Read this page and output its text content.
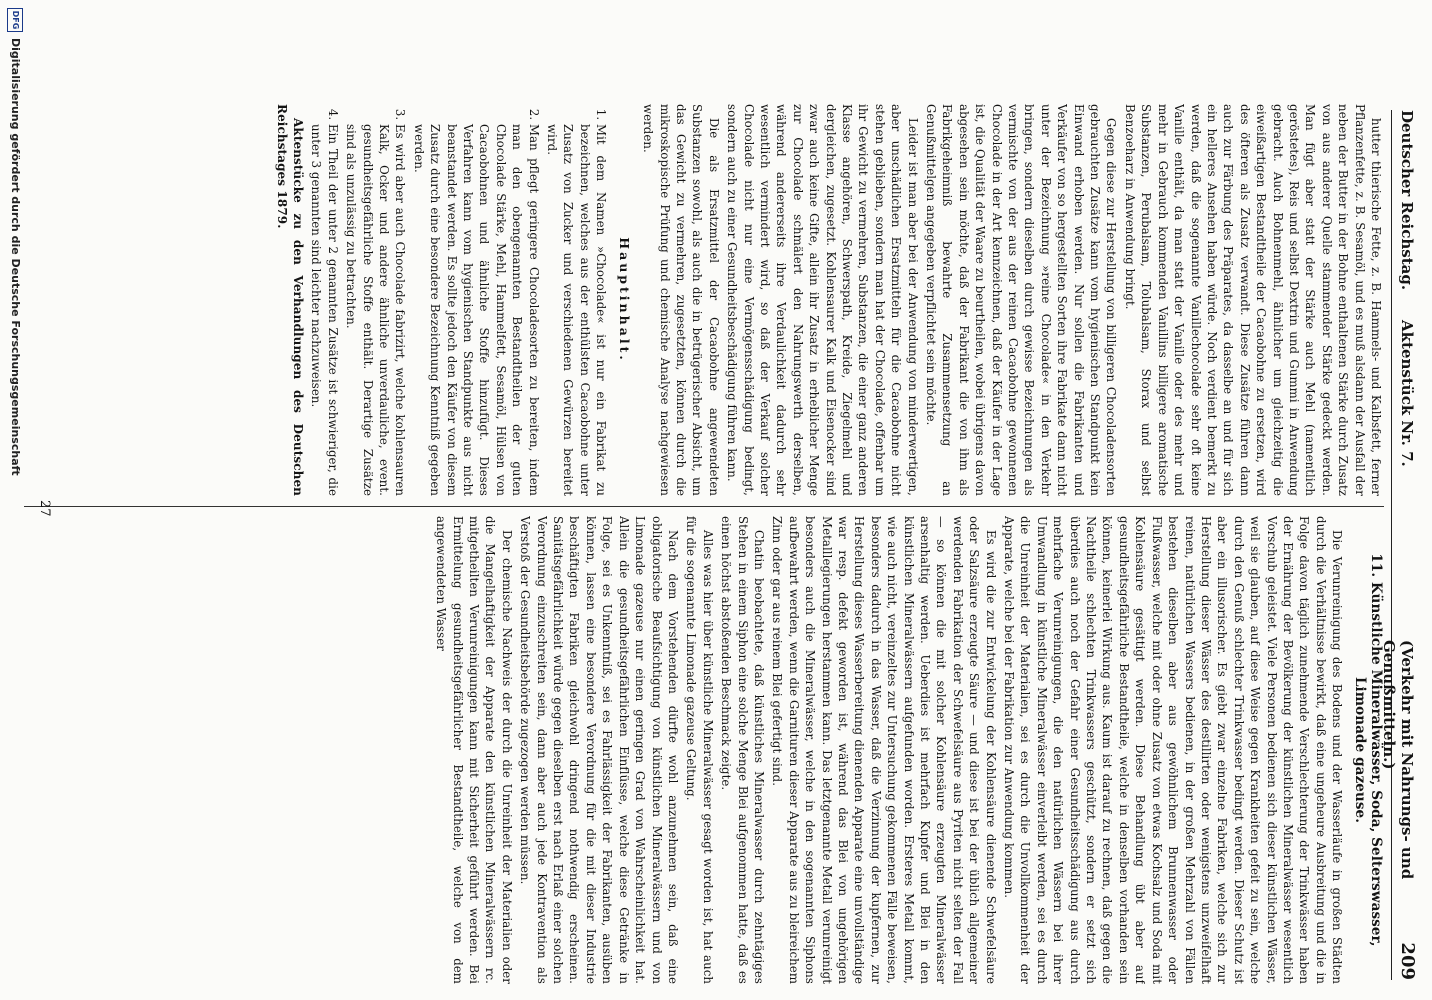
Deutscher Reichstag.
Aktenstück Nr. 7.
(Verkehr mit Nahrungs- und Genußmitteln.)
209

hutter thierische Fette, z. B. Hammels- und Kalbsfett, ferner Pflanzenfette, z. B. Sesamöl, und es muß alsdann der Ausfall der neben der Butter in der Bohne enthaltenen Stärke durch Zusatz von aus anderer Quelle stammender Stärke gedeckt werden. Man fügt aber statt der Stärke auch Mehl (namentlich geröstetes), Reis und selbst Dextrin und Gummi in Anwendung gebracht. Auch Bohnenmehl, ähnlicher um gleichzeitig die eiweißartigen Bestandtheile der Cacaobohne zu ersetzen, wird des öfteren als Zusatz verwandt. Diese Zusätze führen dann auch zur Färbung des Präparates, da dasselbe an und für sich ein helleres Ansehen haben würde. Noch verdient bemerkt zu werden, daß die sogenannte Vanillechocolade sehr oft keine Vanille enthält, da man statt der Vanille oder des mehr und mehr in Gebrauch kommenden Vanillins billigere aromatische Substanzen, Perubalsam, Tolubalsam, Storax und selbst Benzoeharz in Anwendung bringt.

Gegen diese zur Herstellung von billigeren Chocoladensorten gebrauchten Zusätze kann vom hygienischen Standpunkt kein Einwand erhoben werden. Nur sollen die Fabrikanten und Verkäufer von so hergestellten Sorten ihre Fabrikate dann nicht unter der Bezeichnung »reine Chocolade« in den Verkehr bringen, sondern dieselben durch gewisse Bezeichnungen als vermischte von der aus der reinen Cacaobohne gewonnenen Chocolade in der Art kennzeichnen, daß der Käufer in der Lage ist, die Qualität der Waare zu beurtheilen, wobei übrigens davon abgesehen sein möchte, daß der Fabrikant die von ihm als Fabrikgeheimniß bewahrte Zusammensetzung an Genußmittelgen angegeben verpflichtet sein möchte.

Leider ist man aber bei der Anwendung von minderwertigen, aber unschädlichen Ersatzmitteln für die Cacaobohne nicht stehen geblieben, sondern man hat der Chocolade, offenbar um ihr Gewicht zu vermehren, Substanzen, die einer ganz anderen Klasse angehören, Schwerspath, Kreide, Ziegelmehl und dergleichen, zugesetzt. Kohlensaurer Kalk und Eisenocker sind zwar auch keine Gifte, allein ihr Zusatz in erheblicher Menge zur Chocolade schmälert den Nahrungswerth derselben, während andererseits ihre Verdaulichkeit dadurch sehr wesentlich vermindert wird, so daß der Verkauf solcher Chocolade nicht nur eine Vermögensschädigung bedingt, sondern auch zu einer Gesundheitsbeschädigung führen kann.

Die als Ersatzmittel der Cacaobohne angewendeten Substanzen sowohl, als auch die in betrügerischer Absicht, um das Gewicht zu vermehren, zugesetzten, können durch die mikroskopische Prüfung und chemische Analyse nachgewiesen werden.

Hauptinhalt.

1. Mit dem Namen »Chocolade« ist nur ein Fabrikat zu bezeichnen, welches aus der enthülsten Cacaobohne unter Zusatz von Zucker und verschiedenen Gewürzen bereitet wird.
2. Man pflegt geringere Chocoladesorten zu bereiten, indem man den obengenannten Bestandtheilen der guten Chocolade Stärke, Mehl, Hammelfett, Sesamöl, Hülsen von Cacaobohnen und ähnliche Stoffe hinzufügt. Dieses Verfahren kann vom hygienischen Standpunkte aus nicht beanstandet werden. Es sollte jedoch den Käufer von diesem Zusatz durch eine besondere Bezeichnung Kenntniß gegeben werden.
3. Es wird aber auch Chocolade fabrizirt, welche kohlensauren Kalk, Ocker und andere ähnliche unverdauliche, event. gesundheitsgefährliche Stoffe enthält. Derartige Zusätze sind als unzulässig zu betrachten.
4. Ein Theil der unter 2 genannten Zusätze ist schwieriger, die unter 3 genannten sind leichter nachzuweisen.

Aktenstücke zu den Verhandlungen des Deutschen Reichstages 1879.

11. Künstliche Mineralwässer, Soda, Selterswasser, Limonade gazeuse.

Die Verunreinigung des Bodens und der Wasserläufe in großen Städten durch die Verhältnisse bewirkt, daß eine ungeheure Ausbreitung und die in Folge davon täglich zunehmende Verschlechterung der Trinkwässer haben der Ernährung der Bevölkerung der künstlichen Mineralwässer wesentlich Vorschub geleistet. Viele Personen bedienen sich dieser künstlichen Wässer, weil sie glauben, auf diese Weise gegen Krankheiten gefeit zu sein, welche durch den Genuß schlechter Trinkwasser bedingt werden. Dieser Schutz ist aber ein illusorischer. Es giebt zwar einzelne Fabriken, welche sich zur Herstellung dieser Wässer des destillirten oder wenigstens unzweifelhaft reinen, natürlichen Wassers bedienen, in der großen Mehrzahl von Fällen bestehen dieselben aber aus gewöhnlichem Brunnenwasser oder Flußwasser, welche mit oder ohne Zusatz von etwas Kochsalz und Soda mit Kohlensäure gesättigt werden. Diese Behandlung übt aber auf gesundheitsgefährliche Bestandtheile, welche in denselben vorhanden sein können, keinerlei Wirkung aus. Kaum ist darauf zu rechnen, daß gegen die Nachtheile schlechten Trinkwassers geschützt, sondern er setzt sich überdies auch noch der Gefahr einer Gesundheitsschädigung aus durch mehrfache Verunreinigungen, die den natürlichen Wässern bei ihrer Umwandlung in künstliche Mineralwässer einverleibt werden, sei es durch die Unreinheit der Materialien, sei es durch die Unvollkommenheit der Apparate, welche bei der Fabrikation zur Anwendung kommen.

Es wird die zur Entwickelung der Kohlensäure dienende Schwefelsäure oder Salzsäure erzeugte Säure — und diese ist bei der üblich allgemeiner werdenden Fabrikation der Schwefelsäure aus Pyriten nicht selten der Fall — so können die mit solcher Kohlensäure erzeugten Mineralwässer arsenhaltig werden. Ueberdies ist mehrfach Kupfer und Blei in den künstlichen Mineralwässern aufgefunden worden. Ersteres Metall kommt, wie auch nicht, vereinzeltes zur Untersuchung gekommenen Fälle beweisen, besonders dadurch in das Wasser, daß die Verzinnung der kupfernen, zur Herstellung dieses Wasserbereitung dienenden Apparate eine unvollständige war resp. defekt geworden ist, während das Blei von ungehörigen Metalllegierungen herstammen kann. Das letztgenannte Metall verunreinigt besonders auch die Mineralwässer, welche in den sogenannten Siphons aufbewahrt werden, wenn die Garnituren dieser Apparate aus zu bleireichem Zinn oder gar aus reinem Blei gefertigt sind.

Chatin beobachtete, daß künstliches Mineralwasser durch zehntägiges Stehen in einem Siphon eine solche Menge Blei aufgenommen hatte, daß es einen höchst abstoßenden Beschmack zeigte.

Alles was hier über künstliche Mineralwässer gesagt worden ist, hat auch für die sogenannte Limonade gazeuse Geltung.

Nach dem Vorstehenden dürfte wohl anzunehmen sein, daß eine obligatorische Beaufsichtigung von künstlichen Mineralwässern und von Limonade gazeuse nur einen geringen Grad von Wahrscheinlichkeit hat. Allein die gesundheitsgefährlichen Einflüsse, welche diese Getränke in Folge, sei es Unkenntniß, sei es Fahrlässigkeit der Fabrikanten, ausüben können, lassen eine besondere Verordnung für die mit dieser Industrie beschäftigten Fabriken gleichwohl dringend nothwendig erscheinen. Sanitätsgefährlichkeit würde gegen dieselben erst nach Erlaß einer solchen Verordnung einzuschreiten sein, dann aber auch jede Kontravention als Verstoß der Gesundheitsbehörde zugezogen werden müssen.

Der chemische Nachweis der durch die Unreinheit der Materialien oder die Mangelhaftigkeit der Apparate den künstlichen Mineralwässern rc. mitgetheilten Verunreinigungen kann mit Sicherheit geführt werden. Bei Ermittelung gesundheitsgefährlicher Bestandtheile, welche von dem angewendeten Wasser

27
DFG
Digitalisierung gefördert durch die Deutsche Forschungsgemeinschaft
